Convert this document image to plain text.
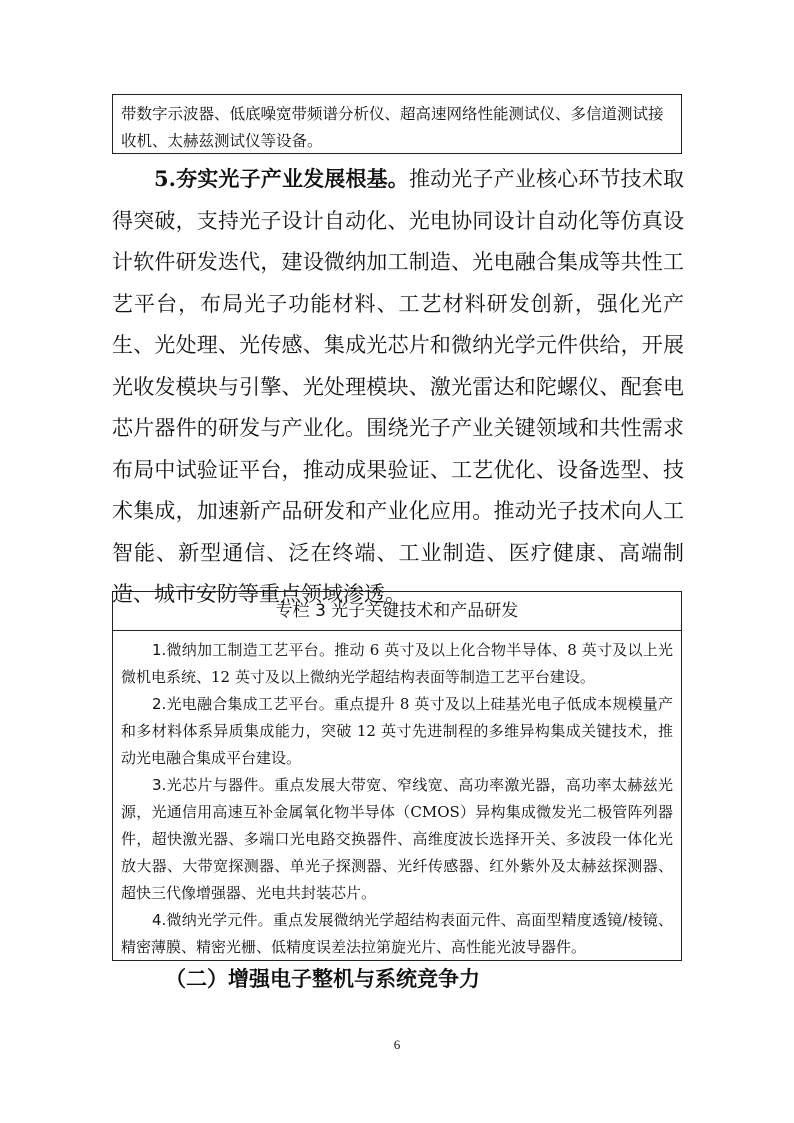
带数字示波器、低底噪宽带频谱分析仪、超高速网络性能测试仪、多信道测试接收机、太赫兹测试仪等设备。
5.夯实光子产业发展根基。推动光子产业核心环节技术取得突破，支持光子设计自动化、光电协同设计自动化等仿真设计软件研发迭代，建设微纳加工制造、光电融合集成等共性工艺平台，布局光子功能材料、工艺材料研发创新，强化光产生、光处理、光传感、集成光芯片和微纳光学元件供给，开展光收发模块与引擎、光处理模块、激光雷达和陀螺仪、配套电芯片器件的研发与产业化。围绕光子产业关键领域和共性需求布局中试验证平台，推动成果验证、工艺优化、设备选型、技术集成，加速新产品研发和产业化应用。推动光子技术向人工智能、新型通信、泛在终端、工业制造、医疗健康、高端制造、城市安防等重点领域渗透。
专栏 3 光子关键技术和产品研发

1.微纳加工制造工艺平台。推动 6 英寸及以上化合物半导体、8 英寸及以上光微机电系统、12 英寸及以上微纳光学超结构表面等制造工艺平台建设。

2.光电融合集成工艺平台。重点提升 8 英寸及以上硅基光电子低成本规模量产和多材料体系异质集成能力，突破 12 英寸先进制程的多维异构集成关键技术，推动光电融合集成平台建设。

3.光芯片与器件。重点发展大带宽、窄线宽、高功率激光器，高功率太赫兹光源，光通信用高速互补金属氧化物半导体（CMOS）异构集成微发光二极管阵列器件，超快激光器、多端口光电路交换器件、高维度波长选择开关、多波段一体化光放大器、大带宽探测器、单光子探测器、光纤传感器、红外紫外及太赫兹探测器、超快三代像增强器、光电共封装芯片。

4.微纳光学元件。重点发展微纳光学超结构表面元件、高面型精度透镜/棱镜、精密薄膜、精密光栅、低精度误差法拉第旋光片、高性能光波导器件。

（二）增强电子整机与系统竞争力
6
